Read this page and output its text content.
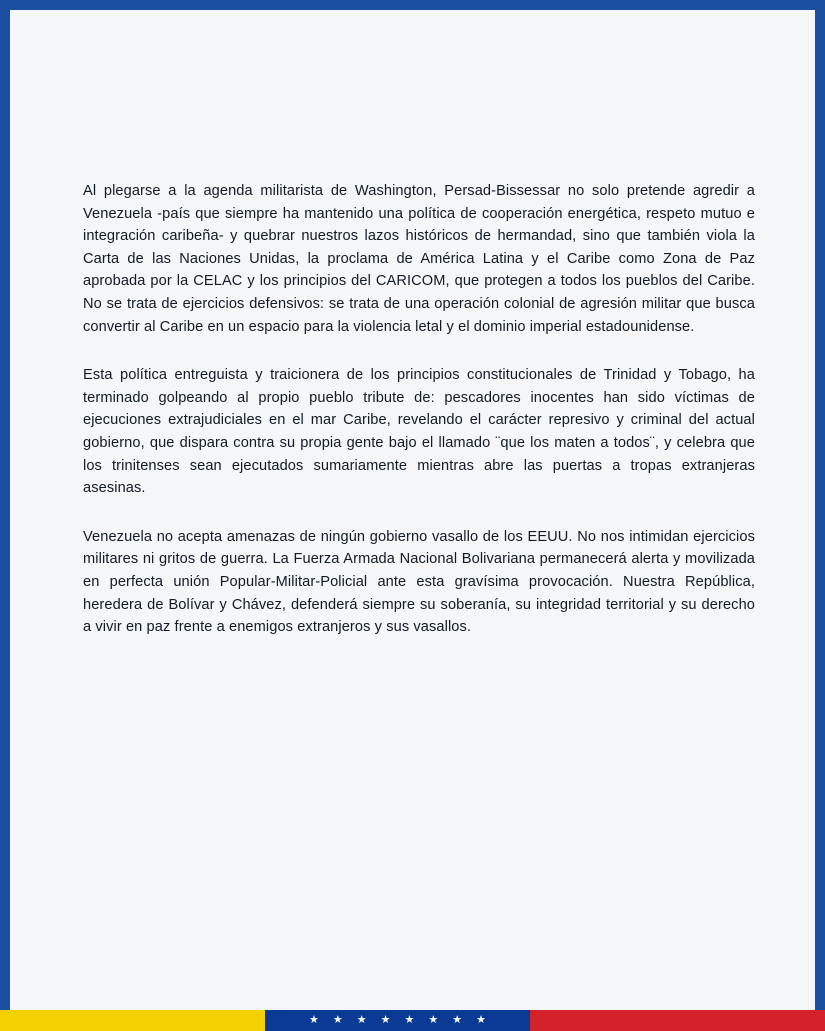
Al plegarse a la agenda militarista de Washington, Persad-Bissessar no solo pretende agredir a Venezuela -país que siempre ha mantenido una política de cooperación energética, respeto mutuo e integración caribeña- y quebrar nuestros lazos históricos de hermandad, sino que también viola la Carta de las Naciones Unidas, la proclama de América Latina y el Caribe como Zona de Paz aprobada por la CELAC y los principios del CARICOM, que protegen a todos los pueblos del Caribe. No se trata de ejercicios defensivos: se trata de una operación colonial de agresión militar que busca convertir al Caribe en un espacio para la violencia letal y el dominio imperial estadounidense.

Esta política entreguista y traicionera de los principios constitucionales de Trinidad y Tobago, ha terminado golpeando al propio pueblo tribute de: pescadores inocentes han sido víctimas de ejecuciones extrajudiciales en el mar Caribe, revelando el carácter represivo y criminal del actual gobierno, que dispara contra su propia gente bajo el llamado ¨que los maten a todos¨, y celebra que los trinitenses sean ejecutados sumariamente mientras abre las puertas a tropas extranjeras asesinas.

Venezuela no acepta amenazas de ningún gobierno vasallo de los EEUU. No nos intimidan ejercicios militares ni gritos de guerra. La Fuerza Armada Nacional Bolivariana permanecerá alerta y movilizada en perfecta unión Popular-Militar-Policial ante esta gravísima provocación. Nuestra República, heredera de Bolívar y Chávez, defenderá siempre su soberanía, su integridad territorial y su derecho a vivir en paz frente a enemigos extranjeros y sus vasallos.

★ ★ ★ ★ ★ ★ ★ ★
